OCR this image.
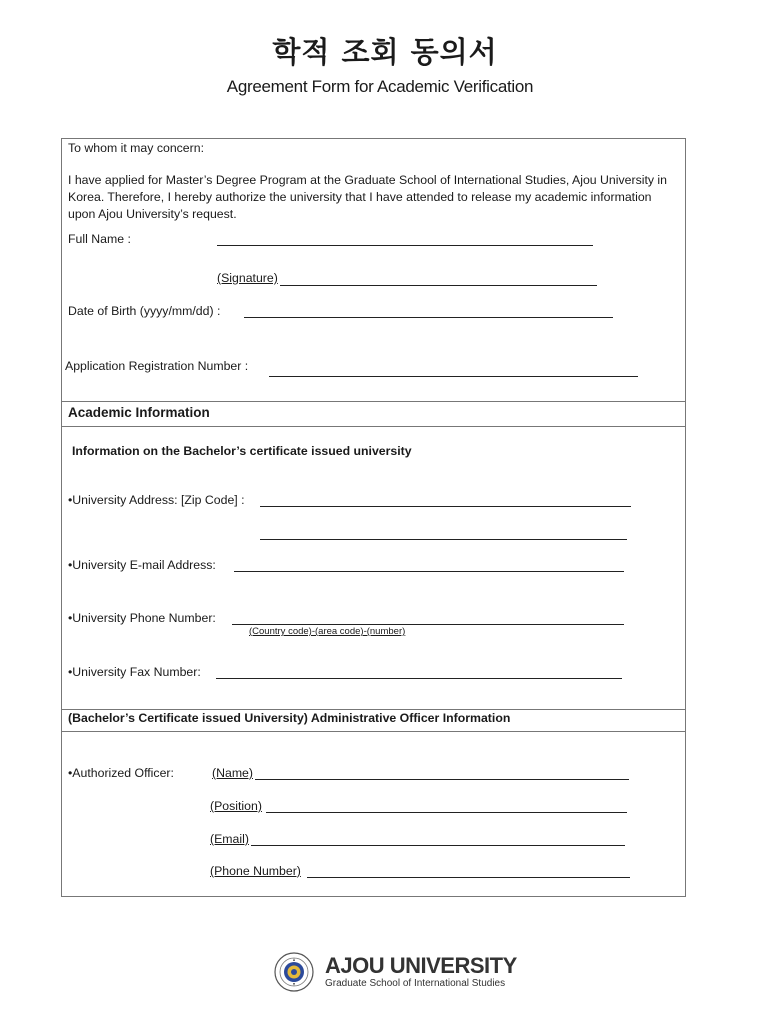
학적 조회 동의서
Agreement Form for Academic Verification
To whom it may concern:
I have applied for Master’s Degree Program at the Graduate School of International Studies, Ajou University in Korea. Therefore, I hereby authorize the university that I have attended to release my academic information upon Ajou University’s request.
Full Name :
(Signature)
Date of Birth (yyyy/mm/dd) :
Application Registration Number :
Academic Information
Information on the Bachelor’s certificate issued university
•University Address: [Zip Code] :
•University E-mail Address:
•University Phone Number:
(Country code)-(area code)-(number)
•University Fax Number:
(Bachelor’s Certificate issued University) Administrative Officer Information
•Authorized Officer:	(Name)
(Position)
(Email)
(Phone Number)
AJOU UNIVERSITY
Graduate School of International Studies
